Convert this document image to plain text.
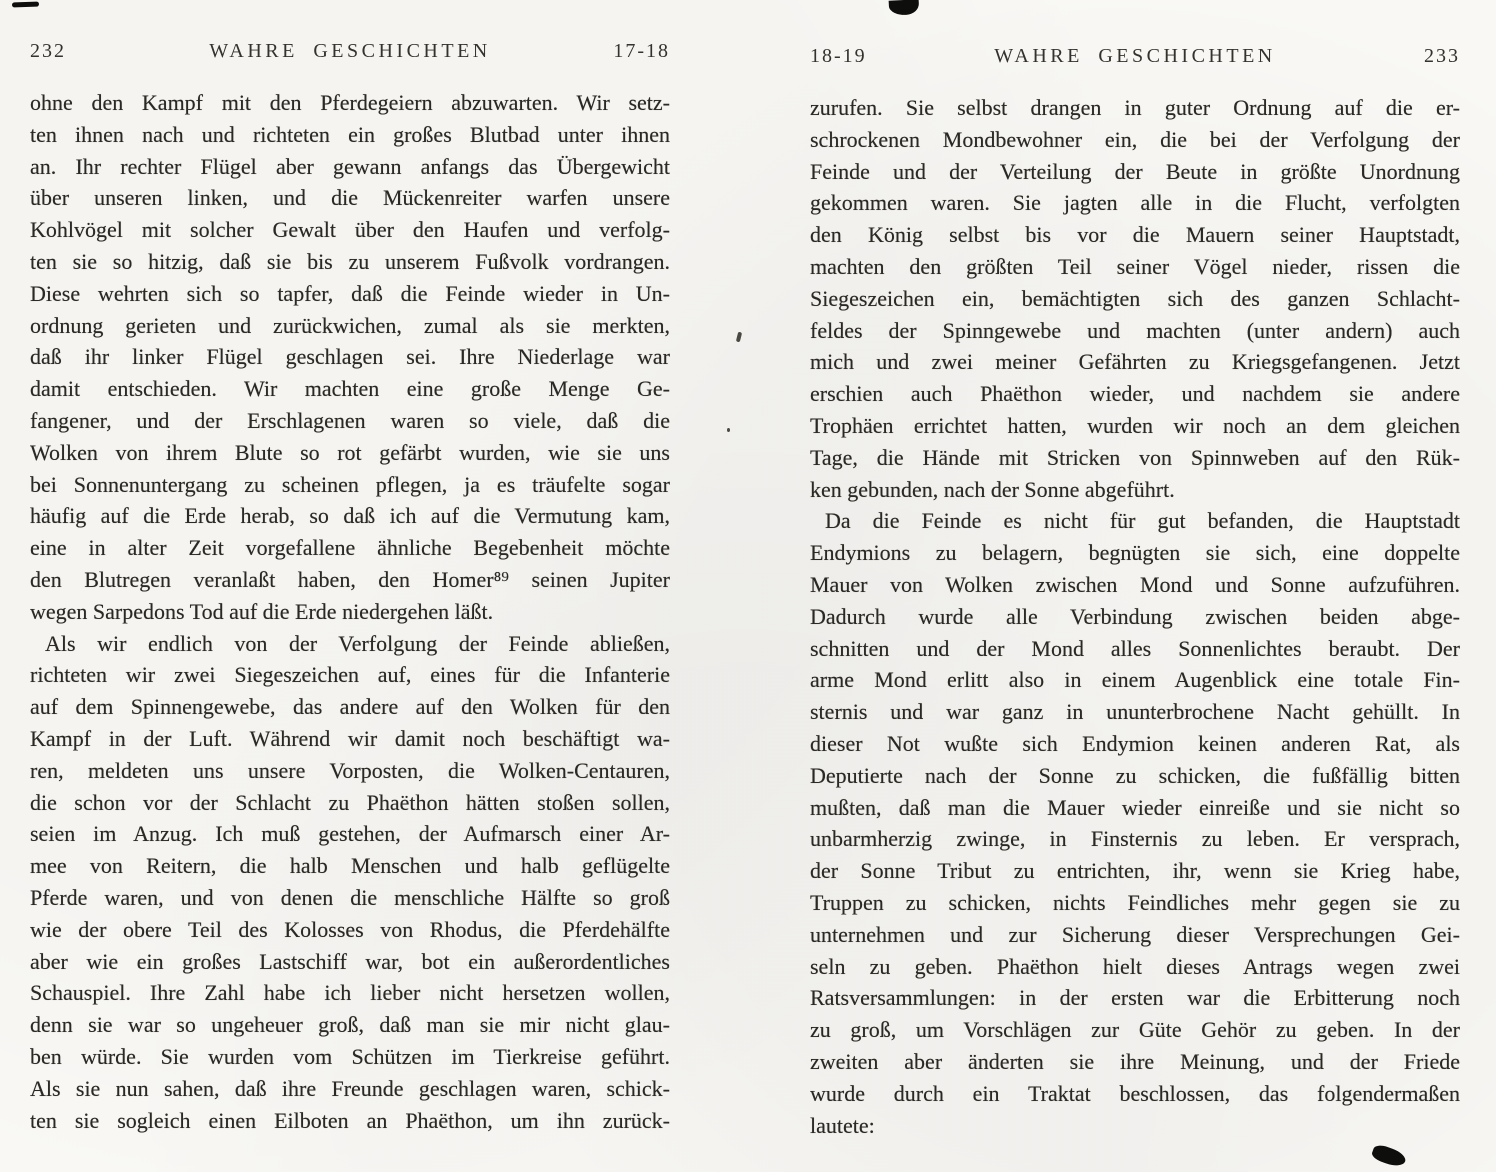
232	WAHRE GESCHICHTEN	17-18
ohne den Kampf mit den Pferdegeiern abzuwarten. Wir setz-
ten ihnen nach und richteten ein großes Blutbad unter ihnen
an. Ihr rechter Flügel aber gewann anfangs das Übergewicht
über unseren linken, und die Mückenreiter warfen unsere
Kohlvögel mit solcher Gewalt über den Haufen und verfolg-
ten sie so hitzig, daß sie bis zu unserem Fußvolk vordrangen.
Diese wehrten sich so tapfer, daß die Feinde wieder in Un-
ordnung gerieten und zurückwichen, zumal als sie merkten,
daß ihr linker Flügel geschlagen sei. Ihre Niederlage war
damit entschieden. Wir machten eine große Menge Ge-
fangener, und der Erschlagenen waren so viele, daß die
Wolken von ihrem Blute so rot gefärbt wurden, wie sie uns
bei Sonnenuntergang zu scheinen pflegen, ja es träufelte sogar
häufig auf die Erde herab, so daß ich auf die Vermutung kam,
eine in alter Zeit vorgefallene ähnliche Begebenheit möchte
den Blutregen veranlaßt haben, den Homer⁸⁹ seinen Jupiter
wegen Sarpedons Tod auf die Erde niedergehen läßt.
Als wir endlich von der Verfolgung der Feinde abließen,
richteten wir zwei Siegeszeichen auf, eines für die Infanterie
auf dem Spinnengewebe, das andere auf den Wolken für den
Kampf in der Luft. Während wir damit noch beschäftigt wa-
ren, meldeten uns unsere Vorposten, die Wolken-Centauren,
die schon vor der Schlacht zu Phaëthon hätten stoßen sollen,
seien im Anzug. Ich muß gestehen, der Aufmarsch einer Ar-
mee von Reitern, die halb Menschen und halb geflügelte
Pferde waren, und von denen die menschliche Hälfte so groß
wie der obere Teil des Kolosses von Rhodus, die Pferdehälfte
aber wie ein großes Lastschiff war, bot ein außerordentliches
Schauspiel. Ihre Zahl habe ich lieber nicht hersetzen wollen,
denn sie war so ungeheuer groß, daß man sie mir nicht glau-
ben würde. Sie wurden vom Schützen im Tierkreise geführt.
Als sie nun sahen, daß ihre Freunde geschlagen waren, schick-
ten sie sogleich einen Eilboten an Phaëthon, um ihn zurück-
18-19	WAHRE GESCHICHTEN	233
zurufen. Sie selbst drangen in guter Ordnung auf die er-
schrockenen Mondbewohner ein, die bei der Verfolgung der
Feinde und der Verteilung der Beute in größte Unordnung
gekommen waren. Sie jagten alle in die Flucht, verfolgten
den König selbst bis vor die Mauern seiner Hauptstadt,
machten den größten Teil seiner Vögel nieder, rissen die
Siegeszeichen ein, bemächtigten sich des ganzen Schlacht-
feldes der Spinngewebe und machten (unter andern) auch
mich und zwei meiner Gefährten zu Kriegsgefangenen. Jetzt
erschien auch Phaëthon wieder, und nachdem sie andere
Trophäen errichtet hatten, wurden wir noch an dem gleichen
Tage, die Hände mit Stricken von Spinnweben auf den Rük-
ken gebunden, nach der Sonne abgeführt.
Da die Feinde es nicht für gut befanden, die Hauptstadt
Endymions zu belagern, begnügten sie sich, eine doppelte
Mauer von Wolken zwischen Mond und Sonne aufzuführen.
Dadurch wurde alle Verbindung zwischen beiden abge-
schnitten und der Mond alles Sonnenlichtes beraubt. Der
arme Mond erlitt also in einem Augenblick eine totale Fin-
sternis und war ganz in ununterbrochene Nacht gehüllt. In
dieser Not wußte sich Endymion keinen anderen Rat, als
Deputierte nach der Sonne zu schicken, die fußfällig bitten
mußten, daß man die Mauer wieder einreiße und sie nicht so
unbarmherzig zwinge, in Finsternis zu leben. Er versprach,
der Sonne Tribut zu entrichten, ihr, wenn sie Krieg habe,
Truppen zu schicken, nichts Feindliches mehr gegen sie zu
unternehmen und zur Sicherung dieser Versprechungen Gei-
seln zu geben. Phaëthon hielt dieses Antrags wegen zwei
Ratsversammlungen: in der ersten war die Erbitterung noch
zu groß, um Vorschlägen zur Güte Gehör zu geben. In der
zweiten aber änderten sie ihre Meinung, und der Friede
wurde durch ein Traktat beschlossen, das folgendermaßen
lautete:
